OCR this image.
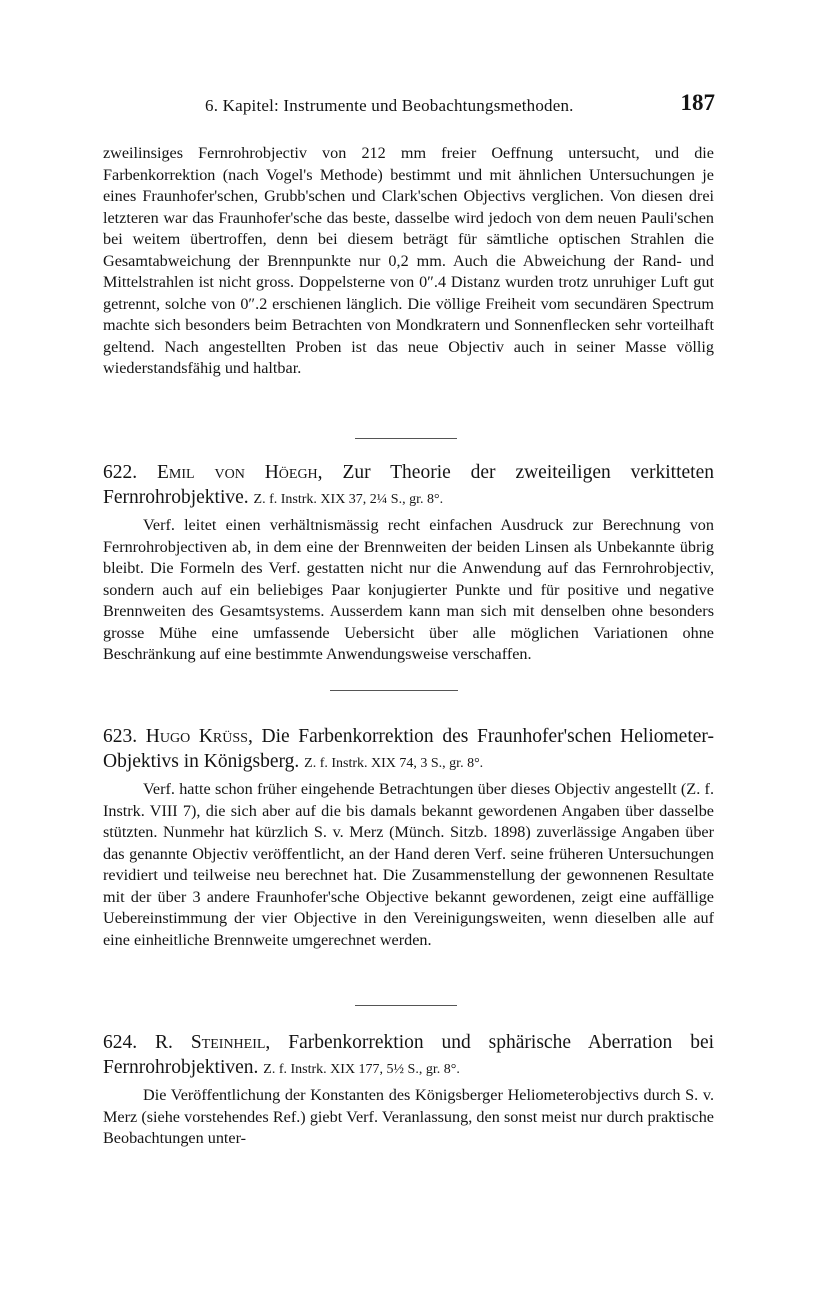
6. Kapitel: Instrumente und Beobachtungsmethoden.	187

zweilinsiges Fernrohrobjectiv von 212 mm freier Oeffnung untersucht, und die Farbenkorrektion (nach Vogel's Methode) bestimmt und mit ähnlichen Untersuchungen je eines Fraunhofer'schen, Grubb'schen und Clark'schen Objectivs verglichen. Von diesen drei letzteren war das Fraunhofer'sche das beste, dasselbe wird jedoch von dem neuen Pauli'schen bei weitem übertroffen, denn bei diesem beträgt für sämtliche optischen Strahlen die Gesamtabweichung der Brennpunkte nur 0,2 mm. Auch die Abweichung der Rand- und Mittelstrahlen ist nicht gross. Doppelsterne von 0″.4 Distanz wurden trotz unruhiger Luft gut getrennt, solche von 0″.2 erschienen länglich. Die völlige Freiheit vom secundären Spectrum machte sich besonders beim Betrachten von Mondkratern und Sonnenflecken sehr vorteilhaft geltend. Nach angestellten Proben ist das neue Objectiv auch in seiner Masse völlig wiederstandsfähig und haltbar.

622. Emil von Höegh, Zur Theorie der zweiteiligen verkitteten Fernrohrobjektive. Z. f. Instrk. XIX 37, 2¼ S., gr. 8°.

Verf. leitet einen verhältnismässig recht einfachen Ausdruck zur Berechnung von Fernrohrobjectiven ab, in dem eine der Brennweiten der beiden Linsen als Unbekannte übrig bleibt. Die Formeln des Verf. gestatten nicht nur die Anwendung auf das Fernrohrobjectiv, sondern auch auf ein beliebiges Paar konjugierter Punkte und für positive und negative Brennweiten des Gesamtsystems. Ausserdem kann man sich mit denselben ohne besonders grosse Mühe eine umfassende Uebersicht über alle möglichen Variationen ohne Beschränkung auf eine bestimmte Anwendungsweise verschaffen.

623. Hugo Krüss, Die Farbenkorrektion des Fraunhofer'schen Heliometer-Objektivs in Königsberg. Z. f. Instrk. XIX 74, 3 S., gr. 8°.

Verf. hatte schon früher eingehende Betrachtungen über dieses Objectiv angestellt (Z. f. Instrk. VIII 7), die sich aber auf die bis damals bekannt gewordenen Angaben über dasselbe stützten. Nunmehr hat kürzlich S. v. Merz (Münch. Sitzb. 1898) zuverlässige Angaben über das genannte Objectiv veröffentlicht, an der Hand deren Verf. seine früheren Untersuchungen revidiert und teilweise neu berechnet hat. Die Zusammenstellung der gewonnenen Resultate mit der über 3 andere Fraunhofer'sche Objective bekannt gewordenen, zeigt eine auffällige Uebereinstimmung der vier Objective in den Vereinigungsweiten, wenn dieselben alle auf eine einheitliche Brennweite umgerechnet werden.

624. R. Steinheil, Farbenkorrektion und sphärische Aberration bei Fernrohrobjektiven. Z. f. Instrk. XIX 177, 5½ S., gr. 8°.

Die Veröffentlichung der Konstanten des Königsberger Heliometerobjectivs durch S. v. Merz (siehe vorstehendes Ref.) giebt Verf. Veranlassung, den sonst meist nur durch praktische Beobachtungen unter-
